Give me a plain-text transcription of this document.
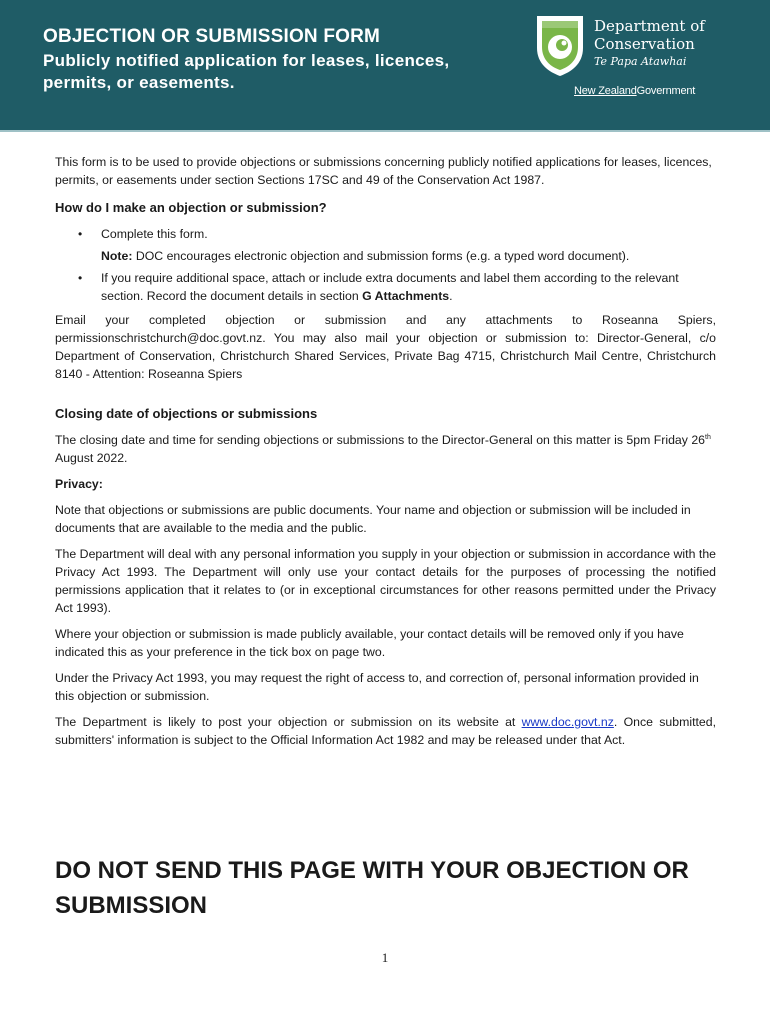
OBJECTION OR SUBMISSION FORM
Publicly notified application for leases, licences, permits, or easements.
Department of
Conservation
Te Papa Atawhai
New ZealandGovernment

This form is to be used to provide objections or submissions concerning publicly notified applications for leases, licences, permits, or easements under section Sections 17SC and 49 of the Conservation Act 1987.

How do I make an objection or submission?
• Complete this form.
Note: DOC encourages electronic objection and submission forms (e.g. a typed word document).
• If you require additional space, attach or include extra documents and label them according to the relevant section. Record the document details in section G Attachments.

Email your completed objection or submission and any attachments to Roseanna Spiers, permissionschristchurch@doc.govt.nz. You may also mail your objection or submission to: Director-General, c/o Department of Conservation, Christchurch Shared Services, Private Bag 4715, Christchurch Mail Centre, Christchurch 8140 - Attention: Roseanna Spiers

Closing date of objections or submissions

The closing date and time for sending objections or submissions to the Director-General on this matter is 5pm Friday 26th August 2022.

Privacy:

Note that objections or submissions are public documents. Your name and objection or submission will be included in documents that are available to the media and the public.

The Department will deal with any personal information you supply in your objection or submission in accordance with the Privacy Act 1993. The Department will only use your contact details for the purposes of processing the notified permissions application that it relates to (or in exceptional circumstances for other reasons permitted under the Privacy Act 1993).

Where your objection or submission is made publicly available, your contact details will be removed only if you have indicated this as your preference in the tick box on page two.

Under the Privacy Act 1993, you may request the right of access to, and correction of, personal information provided in this objection or submission.

The Department is likely to post your objection or submission on its website at www.doc.govt.nz. Once submitted, submitters' information is subject to the Official Information Act 1982 and may be released under that Act.

DO NOT SEND THIS PAGE WITH YOUR OBJECTION OR SUBMISSION

1
